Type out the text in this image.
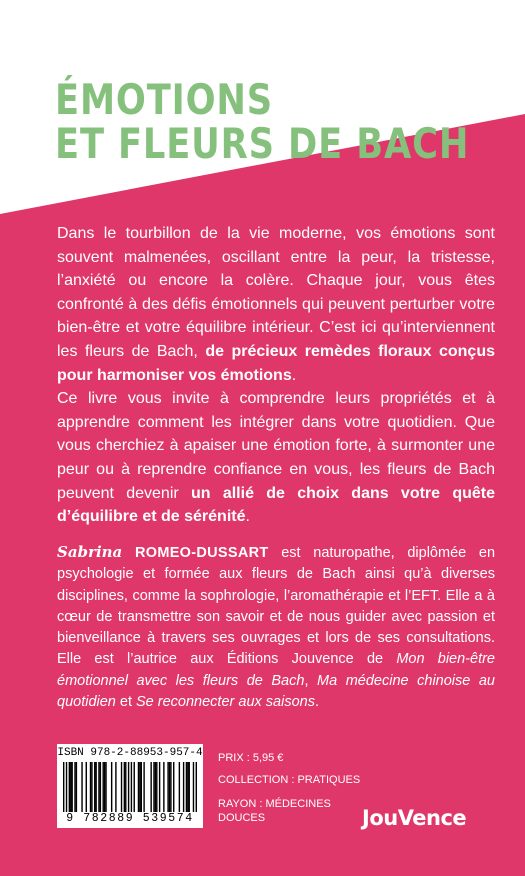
ÉMOTIONS
ET FLEURS DE BACH

Dans le tourbillon de la vie moderne, vos émotions sont souvent malmenées, oscillant entre la peur, la tristesse, l’anxiété ou encore la colère. Chaque jour, vous êtes confronté à des défis émotionnels qui peuvent perturber votre bien-être et votre équilibre intérieur. C’est ici qu’interviennent les fleurs de Bach, de précieux remèdes floraux conçus pour harmoniser vos émotions.

Ce livre vous invite à comprendre leurs propriétés et à apprendre comment les intégrer dans votre quotidien. Que vous cherchiez à apaiser une émotion forte, à surmonter une peur ou à reprendre confiance en vous, les fleurs de Bach peuvent devenir un allié de choix dans votre quête d’équilibre et de sérénité.

Sabrina ROMEO-DUSSART est naturopathe, diplômée en psychologie et formée aux fleurs de Bach ainsi qu’à diverses disciplines, comme la sophrologie, l’aromathérapie et l’EFT. Elle a à cœur de transmettre son savoir et de nous guider avec passion et bienveillance à travers ses ouvrages et lors de ses consultations. Elle est l’autrice aux Éditions Jouvence de Mon bien-être émotionnel avec les fleurs de Bach, Ma médecine chinoise au quotidien et Se reconnecter aux saisons.
ISBN 978-2-88953-957-4
9 782889 539574
PRIX : 5,95 €
COLLECTION : PRATIQUES
RAYON : MÉDECINES
DOUCES	JouVence
